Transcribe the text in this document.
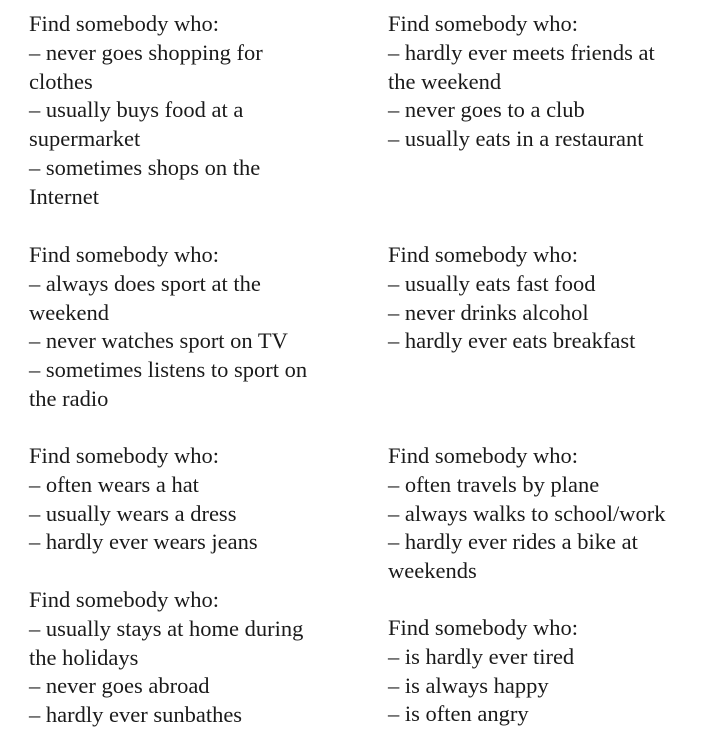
Find somebody who:
– never goes shopping for
clothes
– usually buys food at a
supermarket
– sometimes shops on the
Internet
Find somebody who:
– hardly ever meets friends at
the weekend
– never goes to a club
– usually eats in a restaurant
Find somebody who:
– always does sport at the
weekend
– never watches sport on TV
– sometimes listens to sport on
the radio
Find somebody who:
– usually eats fast food
– never drinks alcohol
– hardly ever eats breakfast
Find somebody who:
– often wears a hat
– usually wears a dress
– hardly ever wears jeans
Find somebody who:
– often travels by plane
– always walks to school/work
– hardly ever rides a bike at
weekends
Find somebody who:
– usually stays at home during
the holidays
– never goes abroad
– hardly ever sunbathes
Find somebody who:
– is hardly ever tired
– is always happy
– is often angry
